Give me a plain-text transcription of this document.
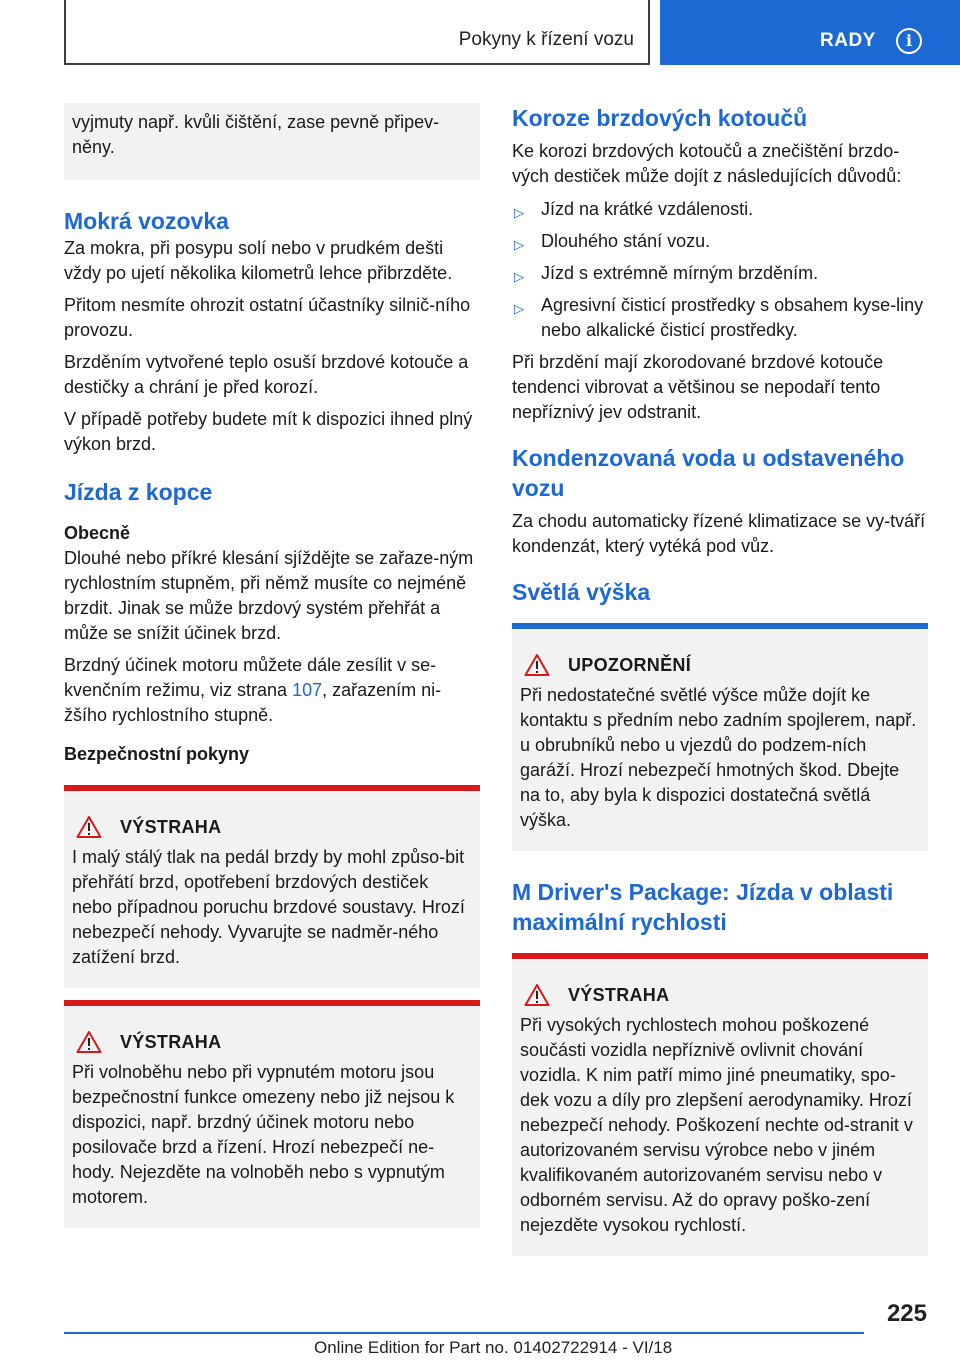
Pokyny k řízení vozu	RADY	i

vyjmuty např. kvůli čištění, zase pevně připev‐něny.

Mokrá vozovka

Za mokra, při posypu solí nebo v prudkém dešti vždy po ujetí několika kilometrů lehce přibrzděte.

Přitom nesmíte ohrozit ostatní účastníky silnič‐ního provozu.

Brzděním vytvořené teplo osuší brzdové kotouče a destičky a chrání je před korozí.

V případě potřeby budete mít k dispozici ihned plný výkon brzd.

Jízda z kopce
Obecně

Dlouhé nebo příkré klesání sjíždějte se zařaze‐ným rychlostním stupněm, při němž musíte co nejméně brzdit. Jinak se může brzdový systém přehřát a může se snížit účinek brzd.

Brzdný účinek motoru můžete dále zesílit v se‐kvenčním režimu, viz strana 107, zařazením ni‐žšího rychlostního stupně.

Bezpečnostní pokyny
VÝSTRAHA

I malý stálý tlak na pedál brzdy by mohl způso‐bit přehřátí brzd, opotřebení brzdových destiček nebo případnou poruchu brzdové soustavy. Hrozí nebezpečí nehody. Vyvarujte se nadměr‐ného zatížení brzd.

VÝSTRAHA

Při volnoběhu nebo při vypnutém motoru jsou bezpečnostní funkce omezeny nebo již nejsou k dispozici, např. brzdný účinek motoru nebo posilovače brzd a řízení. Hrozí nebezpečí ne‐hody. Nejezděte na volnoběh nebo s vypnutým motorem.

Koroze brzdových kotoučů

Ke korozi brzdových kotoučů a znečištění brzdo‐vých destiček může dojít z následujících důvodů:

▷ Jízd na krátké vzdálenosti.
▷ Dlouhého stání vozu.
▷ Jízd s extrémně mírným brzděním.
▷ Agresivní čisticí prostředky s obsahem kyse‐liny nebo alkalické čisticí prostředky.

Při brzdění mají zkorodované brzdové kotouče tendenci vibrovat a většinou se nepodaří tento nepříznivý jev odstranit.

Kondenzovaná voda u odstaveného vozu

Za chodu automaticky řízené klimatizace se vy‐tváří kondenzát, který vytéká pod vůz.

Světlá výška
UPOZORNĚNÍ

Při nedostatečné světlé výšce může dojít ke kontaktu s předním nebo zadním spojlerem, např. u obrubníků nebo u vjezdů do podzem‐ních garáží. Hrozí nebezpečí hmotných škod. Dbejte na to, aby byla k dispozici dostatečná světlá výška.

M Driver's Package: Jízda v oblasti maximální rychlosti
VÝSTRAHA

Při vysokých rychlostech mohou poškozené součásti vozidla nepříznivě ovlivnit chování vozidla. K nim patří mimo jiné pneumatiky, spo‐dek vozu a díly pro zlepšení aerodynamiky. Hrozí nebezpečí nehody. Poškození nechte od‐stranit v autorizovaném servisu výrobce nebo v jiném kvalifikovaném autorizovaném servisu nebo v odborném servisu. Až do opravy poško‐zení nejezděte vysokou rychlostí.

225
Online Edition for Part no. 01402722914 - VI/18
